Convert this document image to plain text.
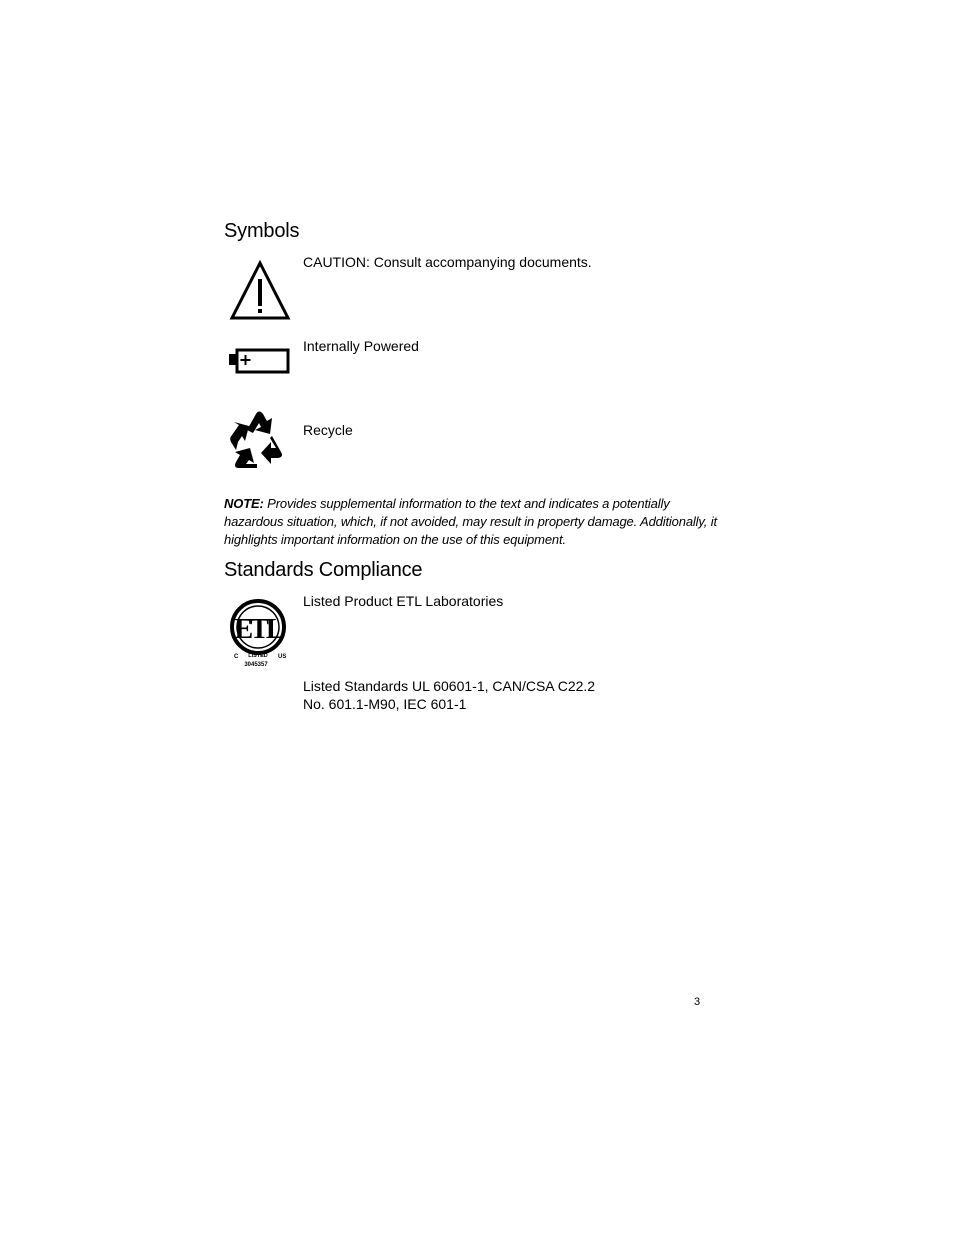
Symbols
CAUTION: Consult accompanying documents.
Internally Powered
Recycle
NOTE: Provides supplemental information to the text and indicates a potentially hazardous situation, which, if not avoided, may result in property damage. Additionally, it highlights important information on the use of this equipment.
Standards Compliance
ETL
C LISTED US
3045357
Listed Product ETL Laboratories
Listed Standards UL 60601-1, CAN/CSA C22.2
No. 601.1-M90, IEC 601-1
3
